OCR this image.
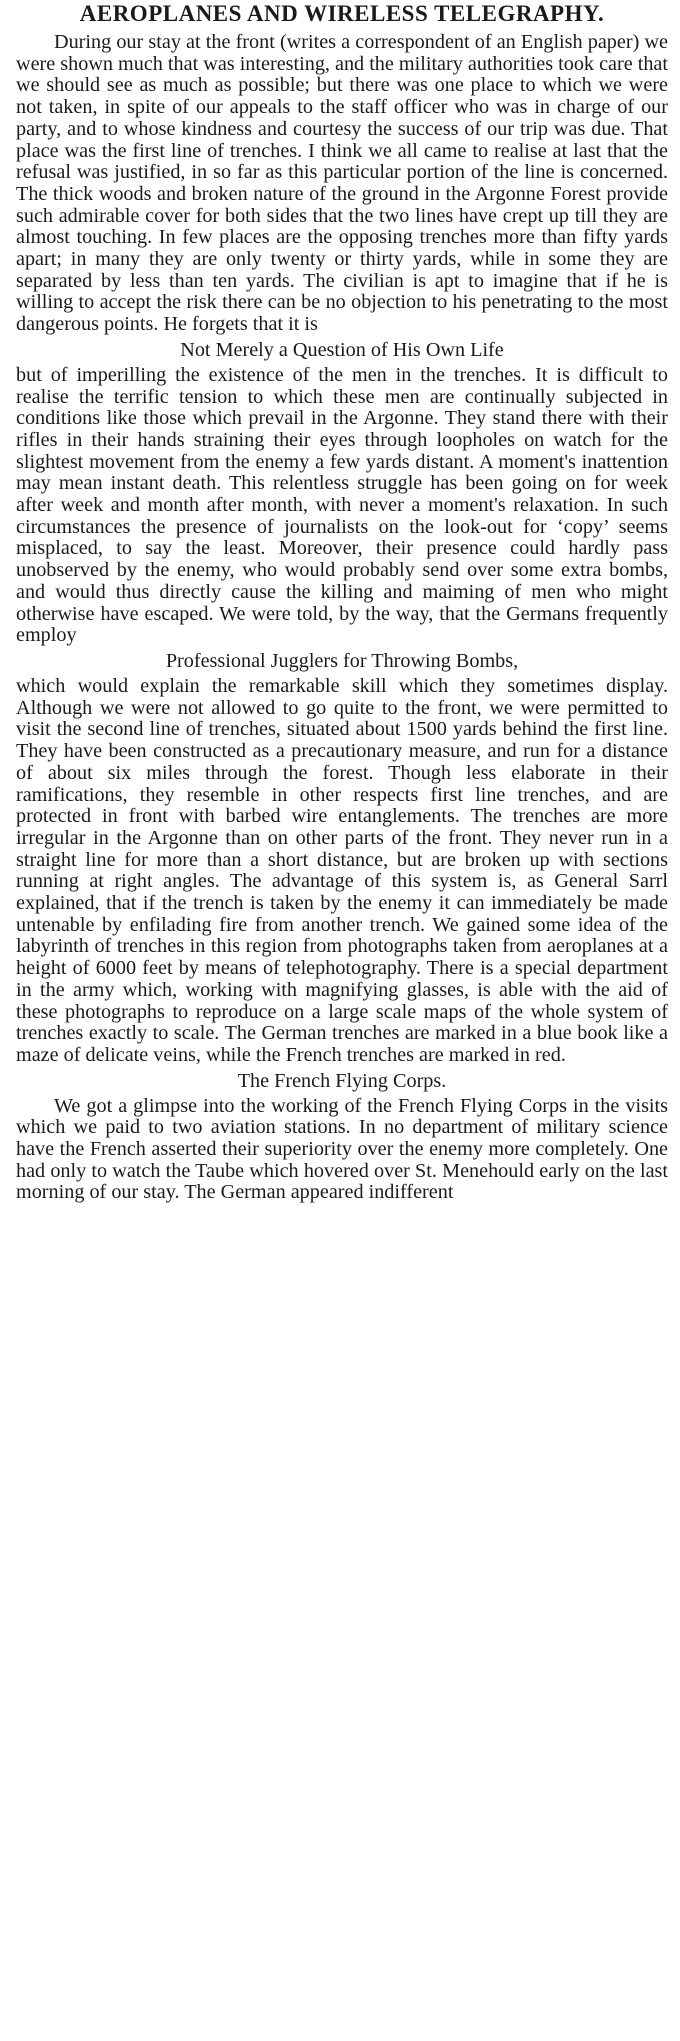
AEROPLANES AND WIRELESS TELEGRAPHY.

During our stay at the front (writes a correspondent of an English paper) we were shown much that was interesting, and the military authorities took care that we should see as much as possible; but there was one place to which we were not taken, in spite of our appeals to the staff officer who was in charge of our party, and to whose kindness and courtesy the success of our trip was due. That place was the first line of trenches. I think we all came to realise at last that the refusal was justified, in so far as this particular portion of the line is concerned. The thick woods and broken nature of the ground in the Argonne Forest provide such admirable cover for both sides that the two lines have crept up till they are almost touching. In few places are the opposing trenches more than fifty yards apart; in many they are only twenty or thirty yards, while in some they are separated by less than ten yards. The civilian is apt to imagine that if he is willing to accept the risk there can be no objection to his penetrating to the most dangerous points. He forgets that it is

Not Merely a Question of His Own Life

but of imperilling the existence of the men in the trenches. It is difficult to realise the terrific tension to which these men are continually subjected in conditions like those which prevail in the Argonne. They stand there with their rifles in their hands straining their eyes through loopholes on watch for the slightest movement from the enemy a few yards distant. A moment's inattention may mean instant death. This relentless struggle has been going on for week after week and month after month, with never a moment's relaxation. In such circumstances the presence of journalists on the look-out for ‘copy’ seems misplaced, to say the least. Moreover, their presence could hardly pass unobserved by the enemy, who would probably send over some extra bombs, and would thus directly cause the killing and maiming of men who might otherwise have escaped. We were told, by the way, that the Germans frequently employ

Professional Jugglers for Throwing Bombs,

which would explain the remarkable skill which they sometimes display. Although we were not allowed to go quite to the front, we were permitted to visit the second line of trenches, situated about 1500 yards behind the first line. They have been constructed as a precautionary measure, and run for a distance of about six miles through the forest. Though less elaborate in their ramifications, they resemble in other respects first line trenches, and are protected in front with barbed wire entanglements. The trenches are more irregular in the Argonne than on other parts of the front. They never run in a straight line for more than a short distance, but are broken up with sections running at right angles. The advantage of this system is, as General Sarrl explained, that if the trench is taken by the enemy it can immediately be made untenable by enfilading fire from another trench. We gained some idea of the labyrinth of trenches in this region from photographs taken from aeroplanes at a height of 6000 feet by means of telephotography. There is a special department in the army which, working with magnifying glasses, is able with the aid of these photographs to reproduce on a large scale maps of the whole system of trenches exactly to scale. The German trenches are marked in a blue book like a maze of delicate veins, while the French trenches are marked in red.

The French Flying Corps.

We got a glimpse into the working of the French Flying Corps in the visits which we paid to two aviation stations. In no department of military science have the French asserted their superiority over the enemy more completely. One had only to watch the Taube which hovered over St. Menehould early on the last morning of our stay. The German appeared indifferent
